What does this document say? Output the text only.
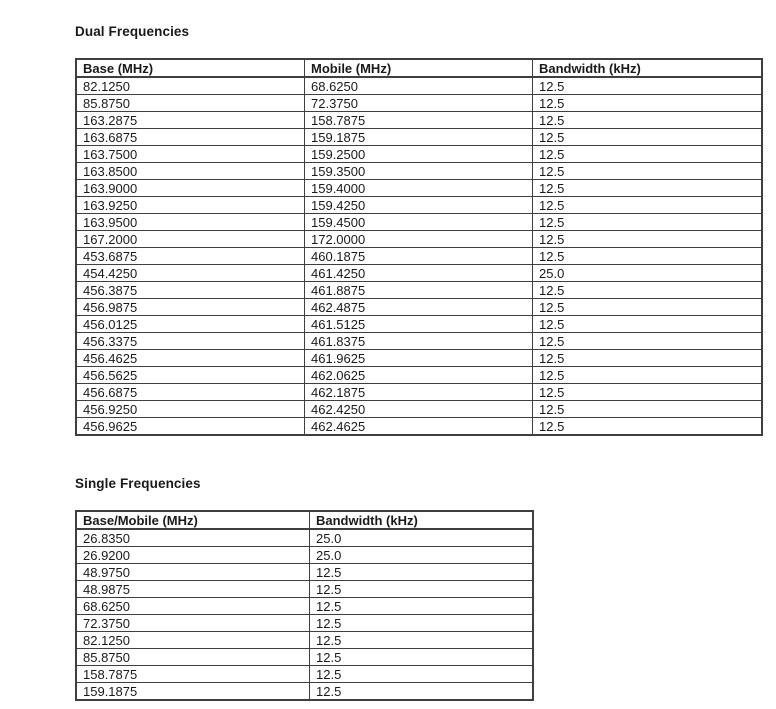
Dual Frequencies
Base (MHz)	Mobile (MHz)	Bandwidth (kHz)
82.1250	68.6250	12.5
85.8750	72.3750	12.5
163.2875	158.7875	12.5
163.6875	159.1875	12.5
163.7500	159.2500	12.5
163.8500	159.3500	12.5
163.9000	159.4000	12.5
163.9250	159.4250	12.5
163.9500	159.4500	12.5
167.2000	172.0000	12.5
453.6875	460.1875	12.5
454.4250	461.4250	25.0
456.3875	461.8875	12.5
456.9875	462.4875	12.5
456.0125	461.5125	12.5
456.3375	461.8375	12.5
456.4625	461.9625	12.5
456.5625	462.0625	12.5
456.6875	462.1875	12.5
456.9250	462.4250	12.5
456.9625	462.4625	12.5
Single Frequencies
Base/Mobile (MHz)	Bandwidth (kHz)
26.8350	25.0
26.9200	25.0
48.9750	12.5
48.9875	12.5
68.6250	12.5
72.3750	12.5
82.1250	12.5
85.8750	12.5
158.7875	12.5
159.1875	12.5
